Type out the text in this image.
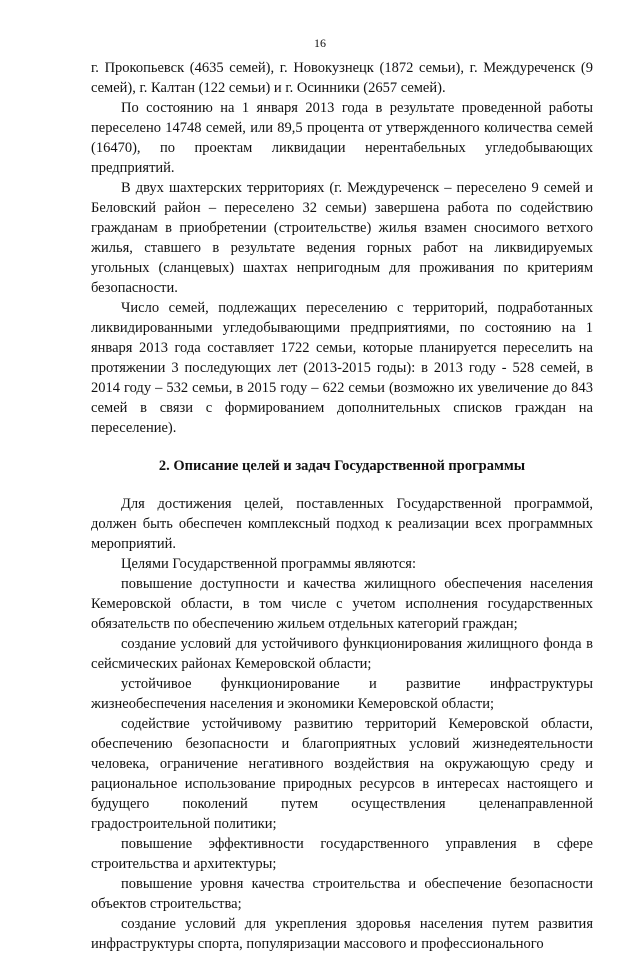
16

г. Прокопьевск (4635 семей), г. Новокузнецк (1872 семьи), г. Междуреченск (9 семей), г. Калтан (122 семьи) и г. Осинники (2657 семей).

По состоянию на 1 января 2013 года в результате проведенной работы переселено 14748 семей, или 89,5 процента от утвержденного количества семей (16470), по проектам ликвидации нерентабельных угледобывающих предприятий.

В двух шахтерских территориях (г. Междуреченск – переселено 9 семей и Беловский район – переселено 32 семьи) завершена работа по содействию гражданам в приобретении (строительстве) жилья взамен сносимого ветхого жилья, ставшего в результате ведения горных работ на ликвидируемых угольных (сланцевых) шахтах непригодным для проживания по критериям безопасности.

Число семей, подлежащих переселению с территорий, подработанных ликвидированными угледобывающими предприятиями, по состоянию на 1 января 2013 года составляет 1722 семьи, которые планируется переселить на протяжении 3 последующих лет (2013-2015 годы): в 2013 году - 528 семей, в 2014 году – 532 семьи, в 2015 году – 622 семьи (возможно их увеличение до 843 семей в связи с формированием дополнительных списков граждан на переселение).

2. Описание целей и задач Государственной программы

Для достижения целей, поставленных Государственной программой, должен быть обеспечен комплексный подход к реализации всех программных мероприятий.

Целями Государственной программы являются:

повышение доступности и качества жилищного обеспечения населения Кемеровской области, в том числе с учетом исполнения государственных обязательств по обеспечению жильем отдельных категорий граждан;

создание условий для устойчивого функционирования жилищного фонда в сейсмических районах Кемеровской области;

устойчивое функционирование и развитие инфраструктуры жизнеобеспечения населения и экономики Кемеровской области;

содействие устойчивому развитию территорий Кемеровской области, обеспечению безопасности и благоприятных условий жизнедеятельности человека, ограничение негативного воздействия на окружающую среду и рациональное использование природных ресурсов в интересах настоящего и будущего поколений путем осуществления целенаправленной градостроительной политики;

повышение эффективности государственного управления в сфере строительства и архитектуры;

повышение уровня качества строительства и обеспечение безопасности объектов строительства;

создание условий для укрепления здоровья населения путем развития инфраструктуры спорта, популяризации массового и профессионального
